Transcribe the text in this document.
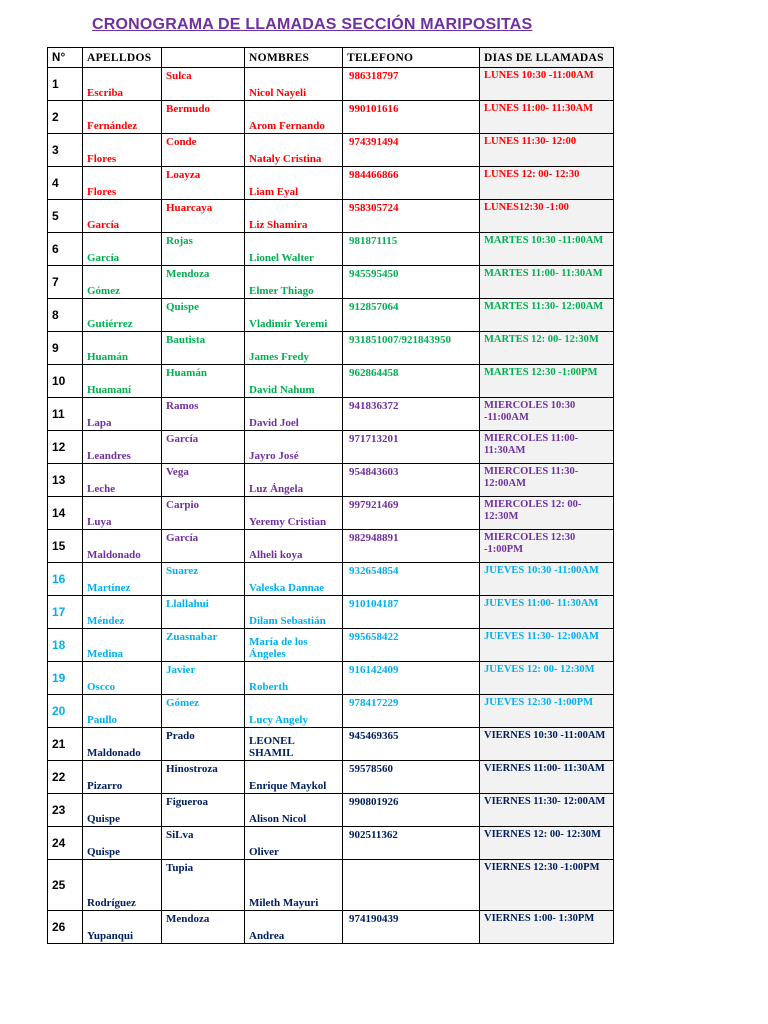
CRONOGRAMA DE LLAMADAS SECCIÓN MARIPOSITAS
N°	APELLDOS		NOMBRES	TELEFONO	DIAS DE LLAMADAS
1	Escriba	Sulca	Nicol Nayeli	986318797	LUNES 10:30 -11:00AM
2	Fernández	Bermudo	Arom Fernando	990101616	LUNES 11:00- 11:30AM
3	Flores	Conde	Nataly Cristina	974391494	LUNES 11:30- 12:00
4	Flores	Loayza	Liam Eyal	984466866	LUNES 12: 00- 12:30
5	García	Huarcaya	Liz Shamira	958305724	LUNES12:30 -1:00
6	García	Rojas	Lionel Walter	981871115	MARTES 10:30 -11:00AM
7	Gómez	Mendoza	Elmer Thiago	945595450	MARTES 11:00- 11:30AM
8	Gutiérrez	Quispe	Vladimir Yeremi	912857064	MARTES 11:30- 12:00AM
9	Huamán	Bautista	James Fredy	931851007/921843950	MARTES 12: 00- 12:30M
10	Huamaní	Huamán	David Nahum	962864458	MARTES 12:30 -1:00PM
11	Lapa	Ramos	David Joel	941836372	MIERCOLES 10:30 -11:00AM
12	Leandres	García	Jayro José	971713201	MIERCOLES 11:00- 11:30AM
13	Leche	Vega	Luz Ángela	954843603	MIERCOLES 11:30- 12:00AM
14	Luya	Carpio	Yeremy Cristian	997921469	MIERCOLES 12: 00- 12:30M
15	Maldonado	García	Alheli koya	982948891	MIERCOLES 12:30 -1:00PM
16	Martínez	Suarez	Valeska Dannae	932654854	JUEVES 10:30 -11:00AM
17	Méndez	Llallahui	Dilam Sebastián	910104187	JUEVES 11:00- 11:30AM
18	Medina	Zuasnabar	María de los Ángeles	995658422	JUEVES 11:30- 12:00AM
19	Oscco	Javier	Roberth	916142409	JUEVES 12: 00- 12:30M
20	Paullo	Gómez	Lucy Angely	978417229	JUEVES 12:30 -1:00PM
21	Maldonado	Prado	LEONEL SHAMIL	945469365	VIERNES 10:30 -11:00AM
22	Pizarro	Hinostroza	Enrique Maykol	59578560	VIERNES 11:00- 11:30AM
23	Quispe	Figueroa	Alison Nicol	990801926	VIERNES 11:30- 12:00AM
24	Quispe	SiLva	Oliver	902511362	VIERNES 12: 00- 12:30M
25	Rodríguez	Tupia	Mileth Mayuri		VIERNES 12:30 -1:00PM
26	Yupanqui	Mendoza	Andrea	974190439	VIERNES 1:00- 1:30PM
